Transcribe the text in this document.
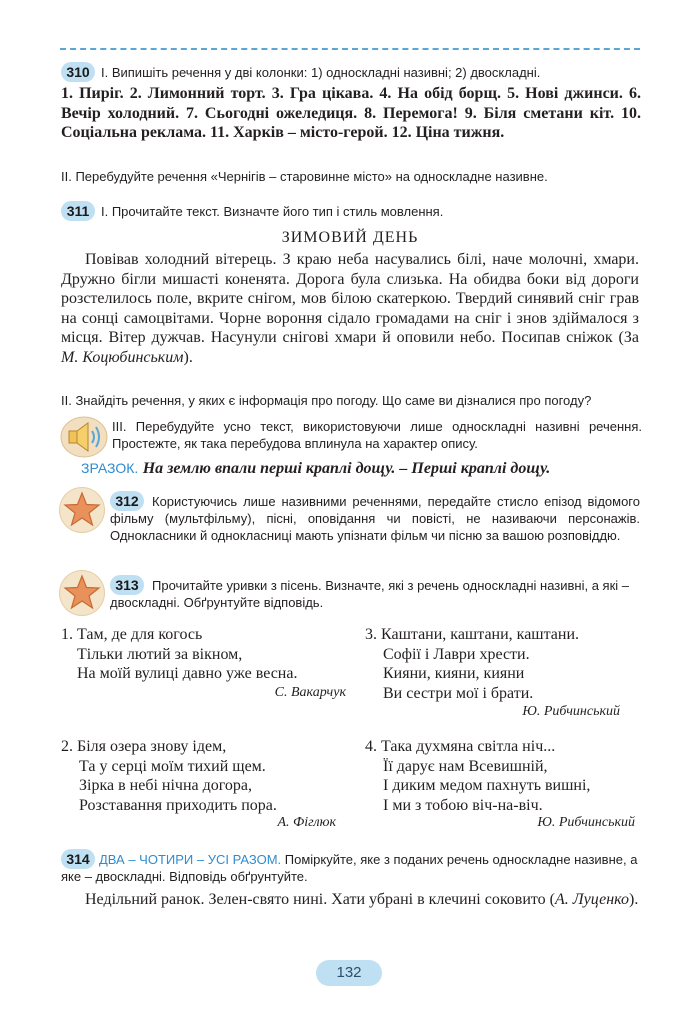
310 I. Випишіть речення у дві колонки: 1) односкладні називні; 2) двоскладні.
1. Пиріг. 2. Лимонний торт. 3. Гра цікава. 4. На обід борщ. 5. Нові джинси. 6. Вечір холодний. 7. Сьогодні ожеледиця. 8. Перемога! 9. Біля сметани кіт. 10. Соціальна реклама. 11. Харків – місто-герой. 12. Ціна тижня.
II. Перебудуйте речення «Чернігів – старовинне місто» на односкладне називне.
311 I. Прочитайте текст. Визначте його тип і стиль мовлення.
ЗИМОВИЙ ДЕНЬ
Повівав холодний вітерець. З краю неба насувались білі, наче молочні, хмари. Дружно бігли мишасті коненята. Дорога була слизька. На обидва боки від дороги розстелилось поле, вкрите снігом, мов білою скатеркою. Твердий синявий сніг грав на сонці самоцвітами. Чорне вороння сідало громадами на сніг і знов здіймалося з місця. Вітер дужчав. Насунули снігові хмари й оповили небо. Посипав сніжок (За М. Коцюбинським).
II. Знайдіть речення, у яких є інформація про погоду. Що саме ви дізналися про погоду?
III. Перебудуйте усно текст, використовуючи лише односкладні називні речення. Простежте, як така перебудова вплинула на характер опису.
ЗРАЗОК. На землю впали перші краплі дощу. – Перші краплі дощу.
312	Користуючись лише називними реченнями, передайте стисло епізод відомого фільму (мультфільму), пісні, оповідання чи повісті, не називаючи персонажів. Однокласники й однокласниці мають упізнати фільм чи пісню за вашою розповіддю.
313	Прочитайте уривки з пісень. Визначте, які з речень односкладні називні, а які – двоскладні. Обґрунтуйте відповідь.
1. Там, де для когось
Тільки лютий за вікном,
На моїй вулиці давно уже весна.
С. Вакарчук
3. Каштани, каштани, каштани.
Софії і Лаври хрести.
Кияни, кияни, кияни
Ви сестри мої і брати.
Ю. Рибчинський
2. Біля озера знову ідем,
Та у серці моїм тихий щем.
Зірка в небі нічна догора,
Розставання приходить пора.
А. Фіглюк
4. Така духмяна світла ніч...
Її дарує нам Всевишній,
І диким медом пахнуть вишні,
І ми з тобою віч-на-віч.
Ю. Рибчинський
314 ДВА – ЧОТИРИ – УСІ РАЗОМ. Поміркуйте, яке з поданих речень односкладне називне, а яке – двоскладні. Відповідь обґрунтуйте.
Недільний ранок. Зелен-свято нині. Хати убрані в клечині соковито (А. Луценко).
132
